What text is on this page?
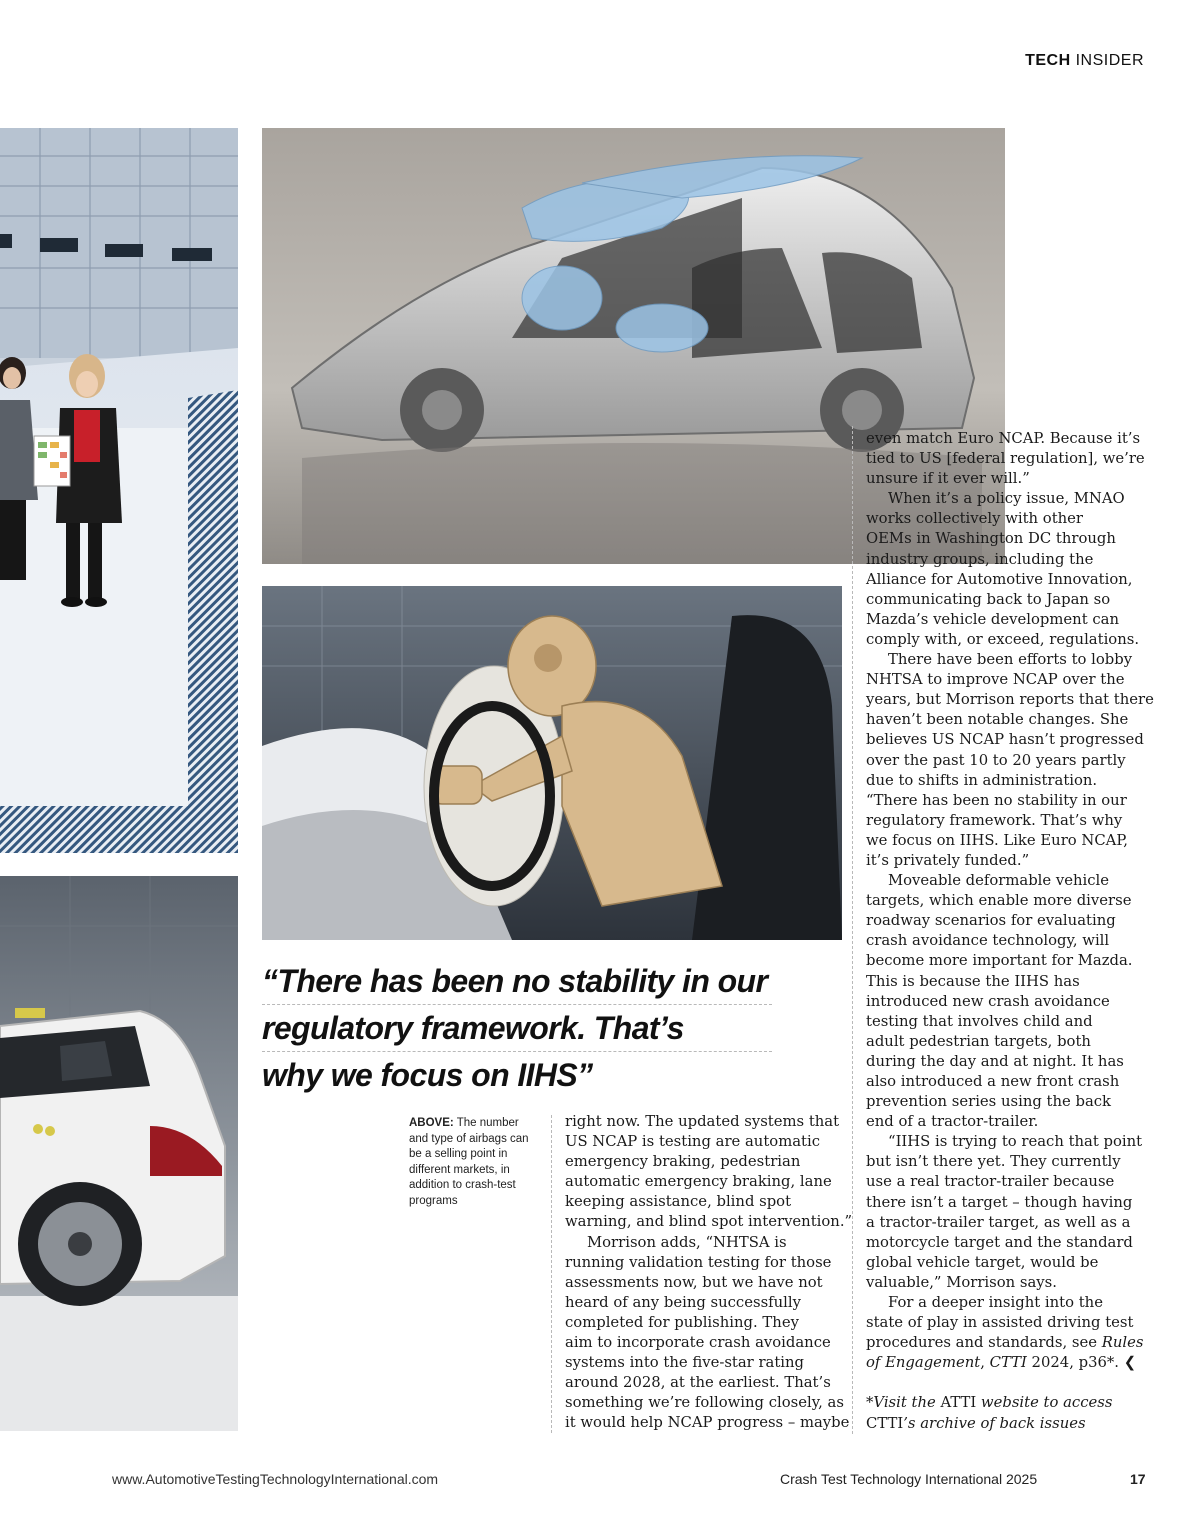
TECH INSIDER
“There has been no stability in our
regulatory framework. That’s
why we focus on IIHS”
ABOVE: The number and type of airbags can be a selling point in different markets, in addition to crash-test programs

right now. The updated systems that
US NCAP is testing are automatic
emergency braking, pedestrian
automatic emergency braking, lane
keeping assistance, blind spot
warning, and blind spot intervention.”

Morrison adds, “NHTSA is
running validation testing for those
assessments now, but we have not
heard of any being successfully
completed for publishing. They
aim to incorporate crash avoidance
systems into the five-star rating
around 2028, at the earliest. That’s
something we’re following closely, as
it would help NCAP progress – maybe

even match Euro NCAP. Because it’s
tied to US [federal regulation], we’re
unsure if it ever will.”

When it’s a policy issue, MNAO
works collectively with other
OEMs in Washington DC through
industry groups, including the
Alliance for Automotive Innovation,
communicating back to Japan so
Mazda’s vehicle development can
comply with, or exceed, regulations.

There have been efforts to lobby
NHTSA to improve NCAP over the
years, but Morrison reports that there
haven’t been notable changes. She
believes US NCAP hasn’t progressed
over the past 10 to 20 years partly
due to shifts in administration.
“There has been no stability in our
regulatory framework. That’s why
we focus on IIHS. Like Euro NCAP,
it’s privately funded.”

Moveable deformable vehicle
targets, which enable more diverse
roadway scenarios for evaluating
crash avoidance technology, will
become more important for Mazda.
This is because the IIHS has
introduced new crash avoidance
testing that involves child and
adult pedestrian targets, both
during the day and at night. It has
also introduced a new front crash
prevention series using the back
end of a tractor-trailer.

“IIHS is trying to reach that point
but isn’t there yet. They currently
use a real tractor-trailer because
there isn’t a target – though having
a tractor-trailer target, as well as a
motorcycle target and the standard
global vehicle target, would be
valuable,” Morrison says.

For a deeper insight into the
state of play in assisted driving test
procedures and standards, see Rules
of Engagement, CTTI 2024, p36*. ❮

*Visit the ATTI website to access
CTTI’s archive of back issues

www.AutomotiveTestingTechnologyInternational.com	Crash Test Technology International 2025	17
